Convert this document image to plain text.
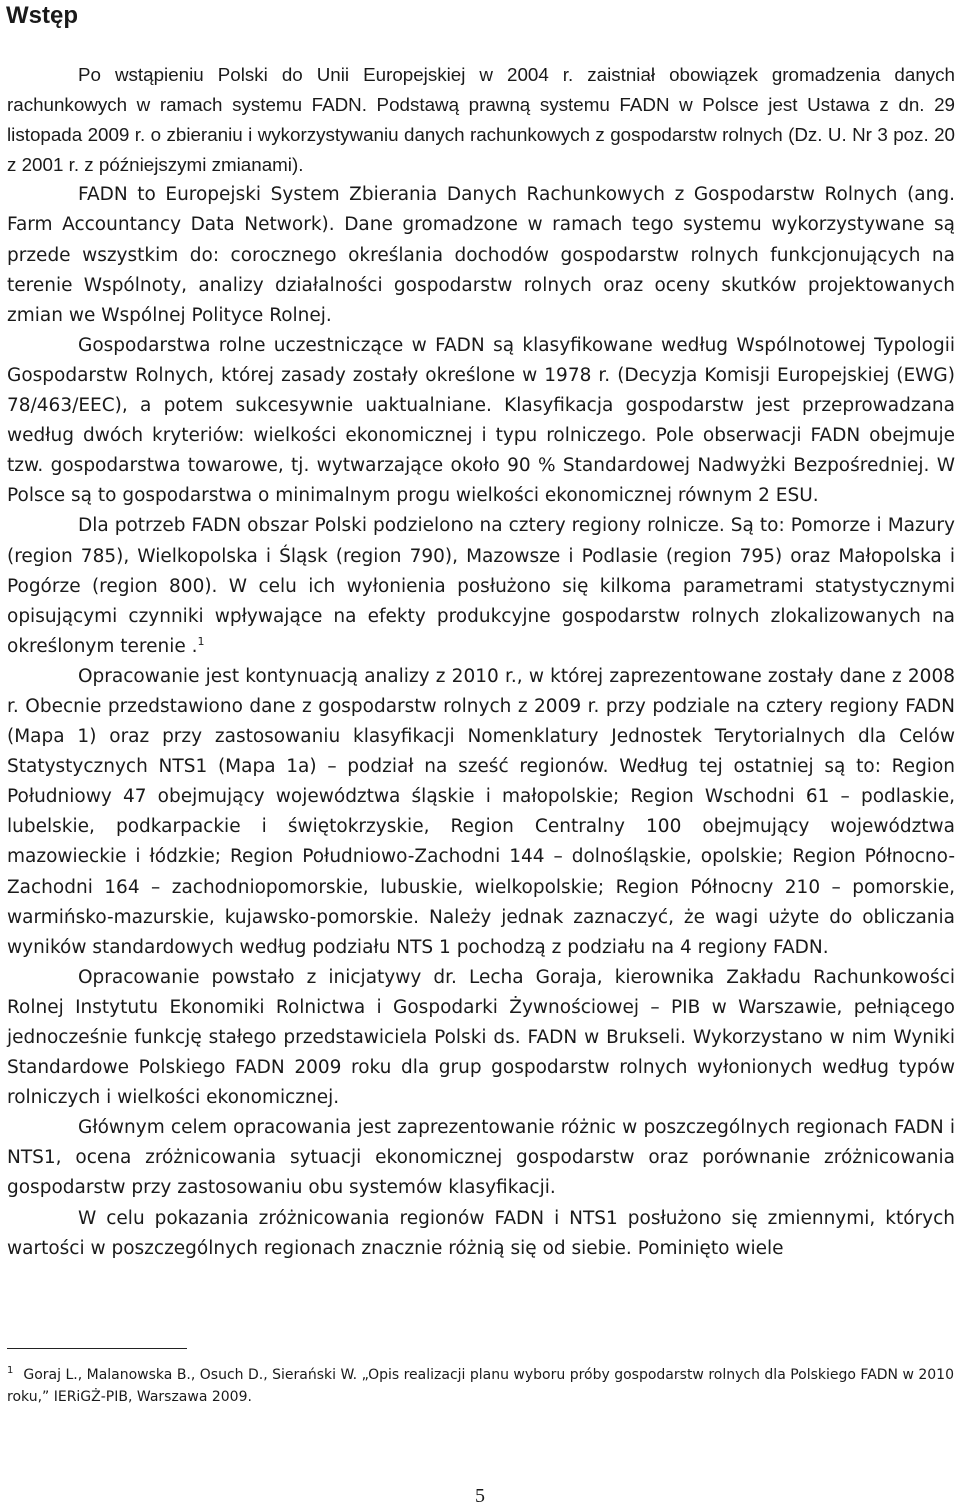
Wstęp

Po wstąpieniu Polski do Unii Europejskiej w 2004 r. zaistniał obowiązek gromadzenia danych rachunkowych w ramach systemu FADN. Podstawą prawną systemu FADN w Polsce jest Ustawa z dn. 29 listopada 2009 r. o zbieraniu i wykorzystywaniu danych rachunkowych z gospodarstw rolnych (Dz. U. Nr 3 poz. 20 z 2001 r. z późniejszymi zmianami).

FADN to Europejski System Zbierania Danych Rachunkowych z Gospodarstw Rolnych (ang. Farm Accountancy Data Network). Dane gromadzone w ramach tego systemu wykorzystywane są przede wszystkim do: corocznego określania dochodów gospodarstw rolnych funkcjonujących na terenie Wspólnoty, analizy działalności gospodarstw rolnych oraz oceny skutków projektowanych zmian we Wspólnej Polityce Rolnej.

Gospodarstwa rolne uczestniczące w FADN są klasyfikowane według Wspólnotowej Typologii Gospodarstw Rolnych, której zasady zostały określone w 1978 r. (Decyzja Komisji Europejskiej (EWG) 78/463/EEC), a potem sukcesywnie uaktualniane. Klasyfikacja gospodarstw jest przeprowadzana według dwóch kryteriów: wielkości ekonomicznej i typu rolniczego. Pole obserwacji FADN obejmuje tzw. gospodarstwa towarowe, tj. wytwarzające około 90 % Standardowej Nadwyżki Bezpośredniej. W Polsce są to gospodarstwa o minimalnym progu wielkości ekonomicznej równym 2 ESU.

Dla potrzeb FADN obszar Polski podzielono na cztery regiony rolnicze. Są to: Pomorze i Mazury (region 785), Wielkopolska i Śląsk (region 790), Mazowsze i Podlasie (region 795) oraz Małopolska i Pogórze (region 800). W celu ich wyłonienia posłużono się kilkoma parametrami statystycznymi opisującymi czynniki wpływające na efekty produkcyjne gospodarstw rolnych zlokalizowanych na określonym terenie .$^1$

Opracowanie jest kontynuacją analizy z 2010 r., w której zaprezentowane zostały dane z 2008 r. Obecnie przedstawiono dane z gospodarstw rolnych z 2009 r. przy podziale na cztery regiony FADN (Mapa 1) oraz przy zastosowaniu klasyfikacji Nomenklatury Jednostek Terytorialnych dla Celów Statystycznych NTS1 (Mapa 1a) – podział na sześć regionów. Według tej ostatniej są to: Region Południowy 47 obejmujący województwa śląskie i małopolskie; Region Wschodni 61 – podlaskie, lubelskie, podkarpackie i świętokrzyskie, Region Centralny 100 obejmujący województwa mazowieckie i łódzkie; Region Południowo-Zachodni 144 – dolnośląskie, opolskie; Region Północno-Zachodni 164 – zachodniopomorskie, lubuskie, wielkopolskie; Region Północny 210 – pomorskie, warmińsko-mazurskie, kujawsko-pomorskie. Należy jednak zaznaczyć, że wagi użyte do obliczania wyników standardowych według podziału NTS 1 pochodzą z podziału na 4 regiony FADN.

Opracowanie powstało z inicjatywy dr. Lecha Goraja, kierownika Zakładu Rachunkowości Rolnej Instytutu Ekonomiki Rolnictwa i Gospodarki Żywnościowej – PIB w Warszawie, pełniącego jednocześnie funkcję stałego przedstawiciela Polski ds. FADN w Brukseli. Wykorzystano w nim Wyniki Standardowe Polskiego FADN 2009 roku dla grup gospodarstw rolnych wyłonionych według typów rolniczych i wielkości ekonomicznej.

Głównym celem opracowania jest zaprezentowanie różnic w poszczególnych regionach FADN i NTS1, ocena zróżnicowania sytuacji ekonomicznej gospodarstw oraz porównanie zróżnicowania gospodarstw przy zastosowaniu obu systemów klasyfikacji.

W celu pokazania zróżnicowania regionów FADN i NTS1 posłużono się zmiennymi, których wartości w poszczególnych regionach znacznie różnią się od siebie. Pominięto wiele

$^1$ Goraj L., Malanowska B., Osuch D., Sierański W. „Opis realizacji planu wyboru próby gospodarstw rolnych dla Polskiego FADN w 2010 roku,” IERiGŻ-PIB, Warszawa 2009.

5
